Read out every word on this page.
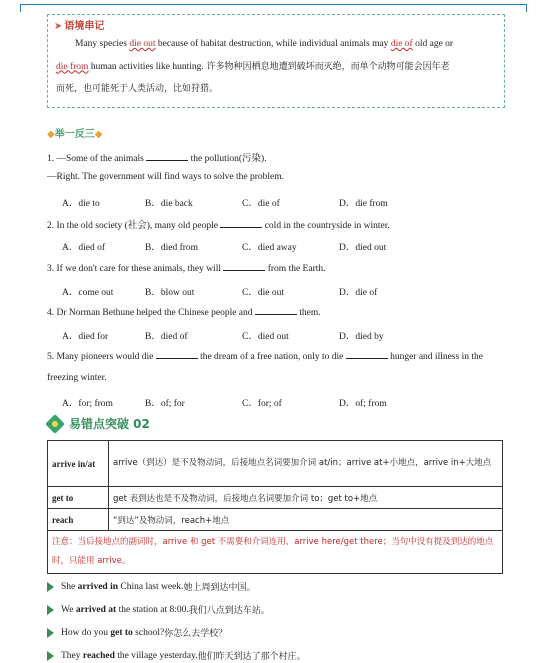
➤ 语境串记
  Many species die out because of habitat destruction, while individual animals may die of old age or
die from human activities like hunting. 许多物种因栖息地遭到破坏而灭绝，而单个动物可能会因年老
而死，也可能死于人类活动，比如狩猎。
◆举一反三◆
1. —Some of the animals	the pollution(污染).
—Right. The government will find ways to solve the problem.
A．die to	B．die back	C．die of	D．die from
2. In the old society (社会), many old people	cold in the countryside in winter.
A．died of	B．died from	C．died away	D．died out
3. If we don't care for these animals, they will	from the Earth.
A．come out	B．blow out	C．die out	D．die of
4. Dr Norman Bethune helped the Chinese people and	them.
A．died for	B．died of	C．died out	D．died by
5. Many pioneers would die	the dream of a free nation, only to die	hunger and illness in the
freezing winter.
A．for; from	B．of; for	C．for; of	D．of; from
易错点突破 02
arrive in/at	arrive（到达）是不及物动词，后接地点名词要加介词 at/in；arrive at+小地点，arrive in+大地点
get to	get 表到达也是不及物动词，后接地点名词要加介词 to；get to+地点
reach	“到达”及物动词，reach+地点
注意：当后接地点的副词时，arrive 和 get 不需要和介词连用，arrive here/get there；当句中没有提及到达的地点时，只能用 arrive。	
She
arrived in
China last week. 她上周到达中国。
We
arrived at
the station at 8:00. 我们八点到达车站。
How do you
get to
school? 你怎么去学校？
They
reached
the village yesterday. 他们昨天到达了那个村庄。
